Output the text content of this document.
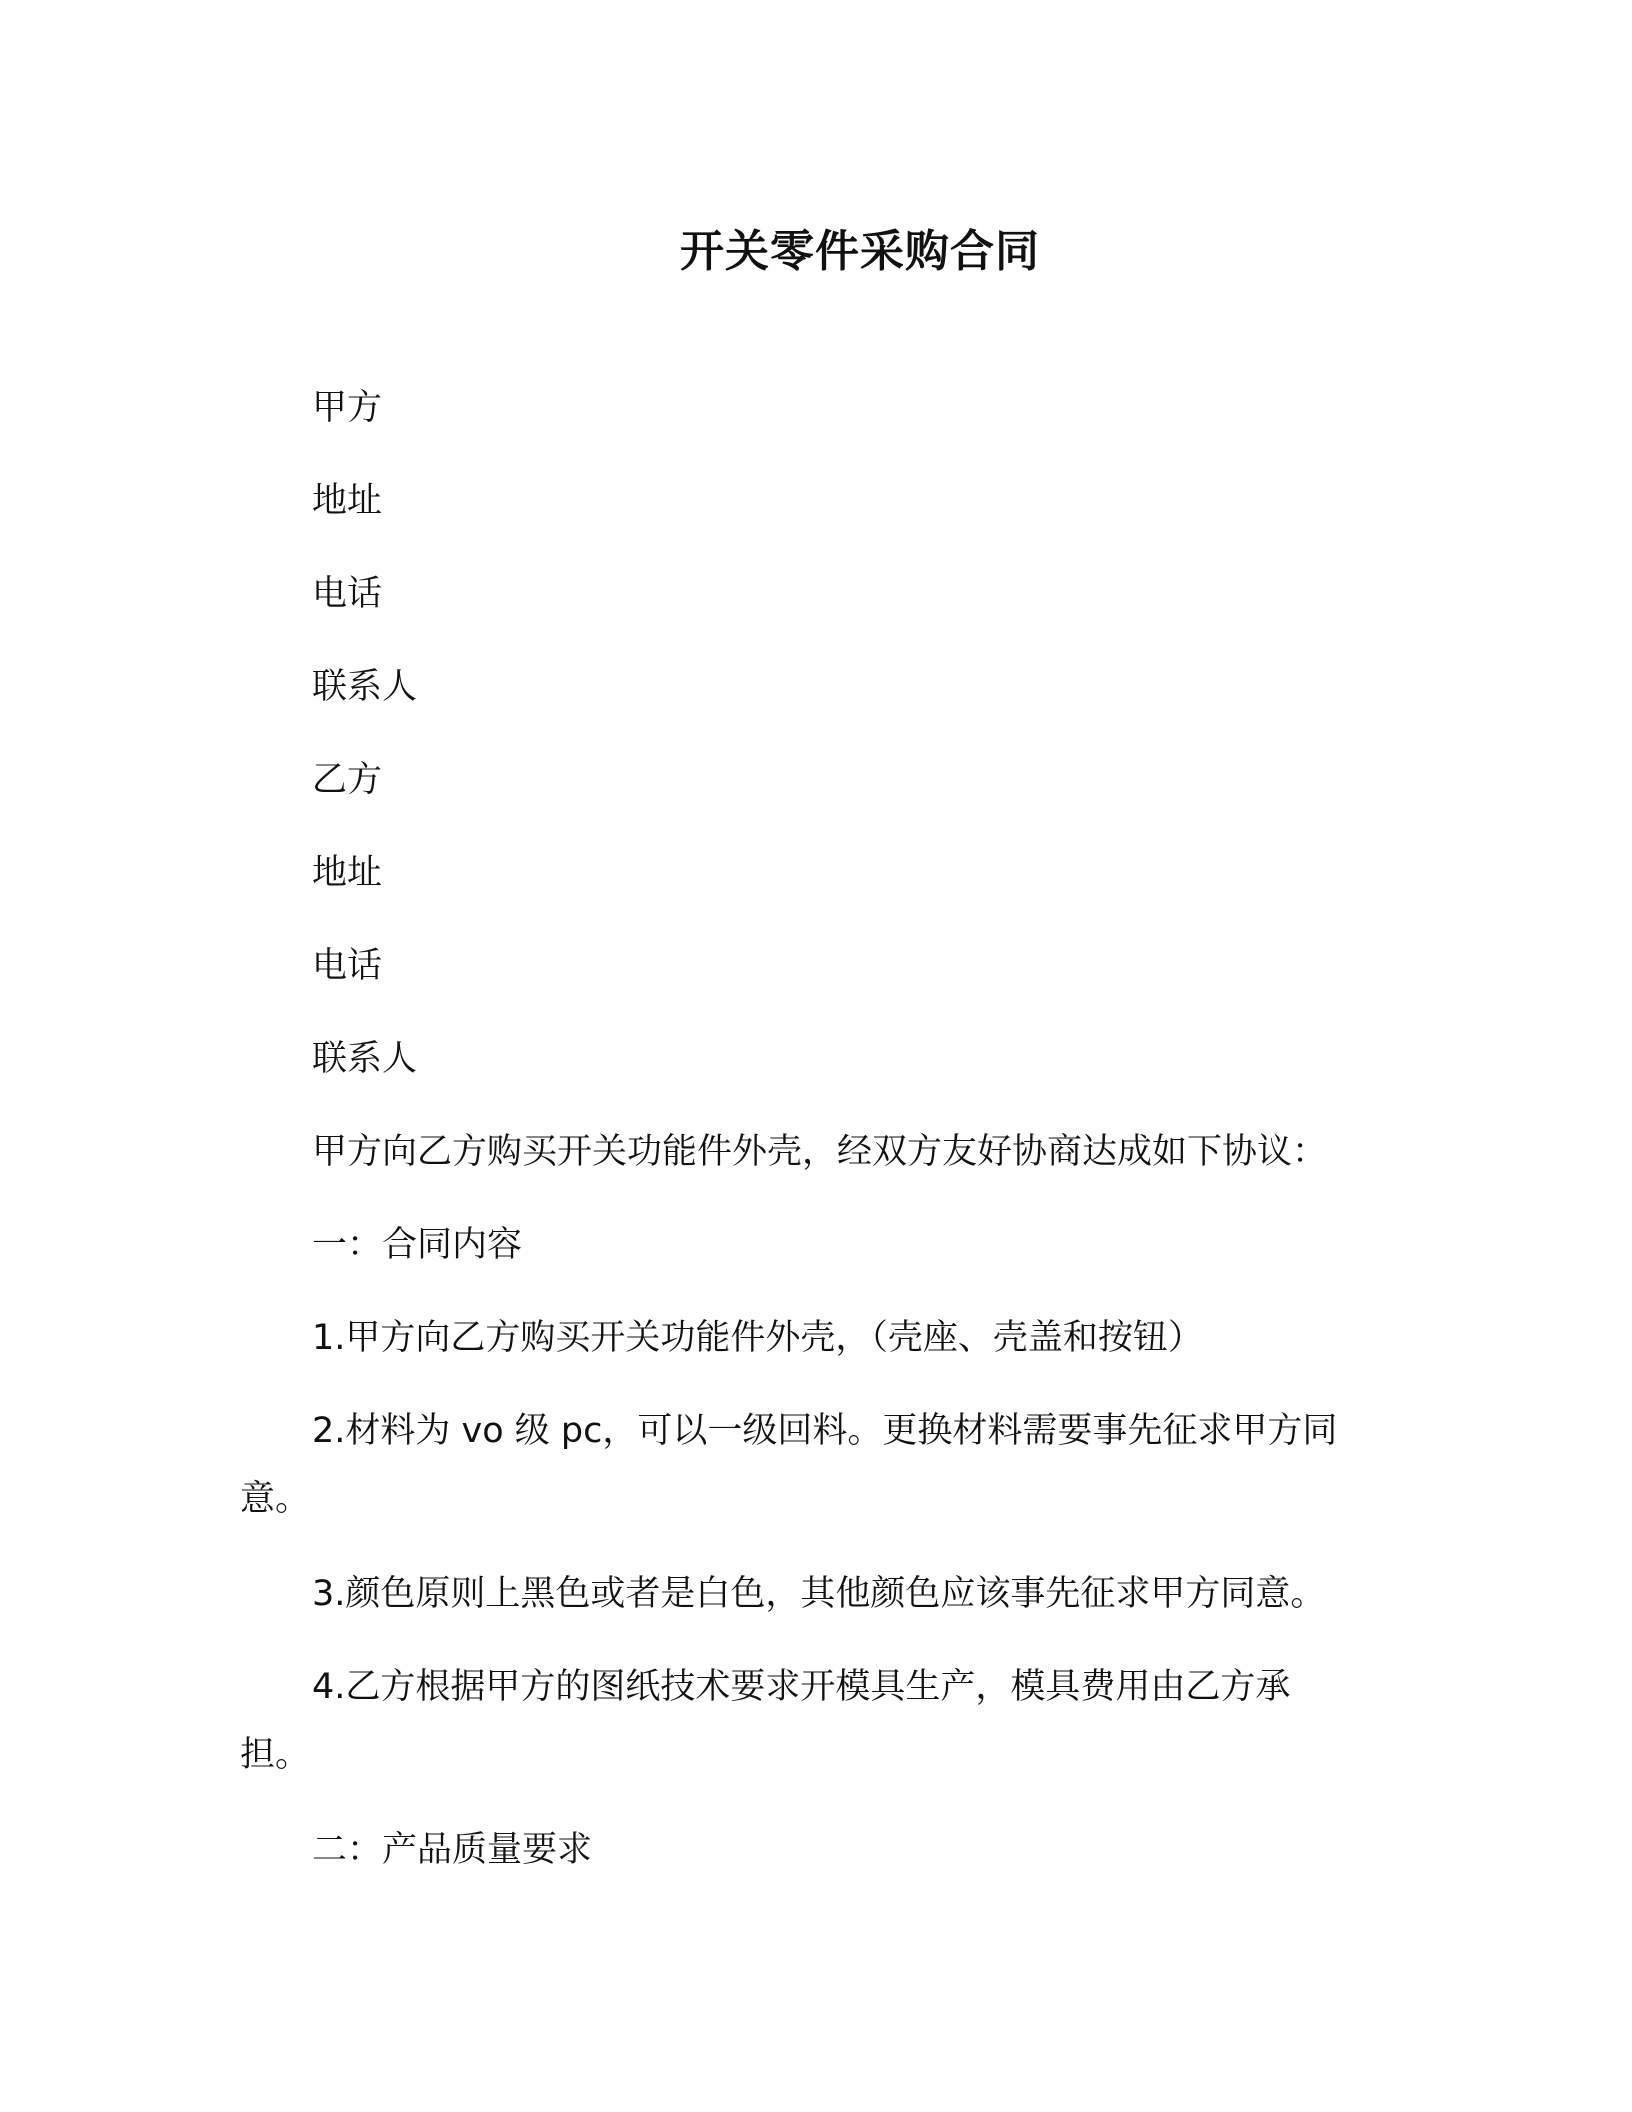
开关零件采购合同
甲方
地址
电话
联系人
乙方
地址
电话
联系人
甲方向乙方购买开关功能件外壳，经双方友好协商达成如下协议：
一：合同内容
1.甲方向乙方购买开关功能件外壳，（壳座、壳盖和按钮）
2.材料为 vo 级 pc，可以一级回料。更换材料需要事先征求甲方同意。
3.颜色原则上黑色或者是白色，其他颜色应该事先征求甲方同意。
4.乙方根据甲方的图纸技术要求开模具生产，模具费用由乙方承担。
二：产品质量要求
